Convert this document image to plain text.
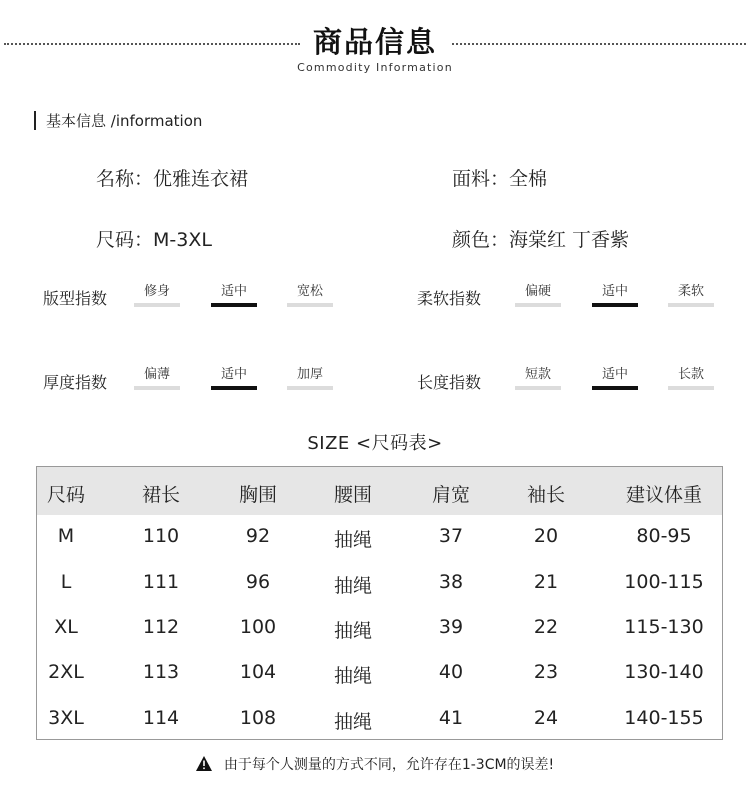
商品信息
Commodity Information
基本信息 /information
名称：优雅连衣裙	面料：全棉
尺码：M-3XL	颜色：海棠红 丁香紫
版型指数	修身	适中	宽松	柔软指数	偏硬	适中	柔软
厚度指数	偏薄	适中	加厚	长度指数	短款	适中	长款
SIZE <尺码表>
尺码	裙长	胸围	腰围	肩宽	袖长	建议体重
M	110	92	抽绳	37	20	80-95
L	111	96	抽绳	38	21	100-115
XL	112	100	抽绳	39	22	115-130
2XL	113	104	抽绳	40	23	130-140
3XL	114	108	抽绳	41	24	140-155
由于每个人测量的方式不同，允许存在1-3CM的误差!
